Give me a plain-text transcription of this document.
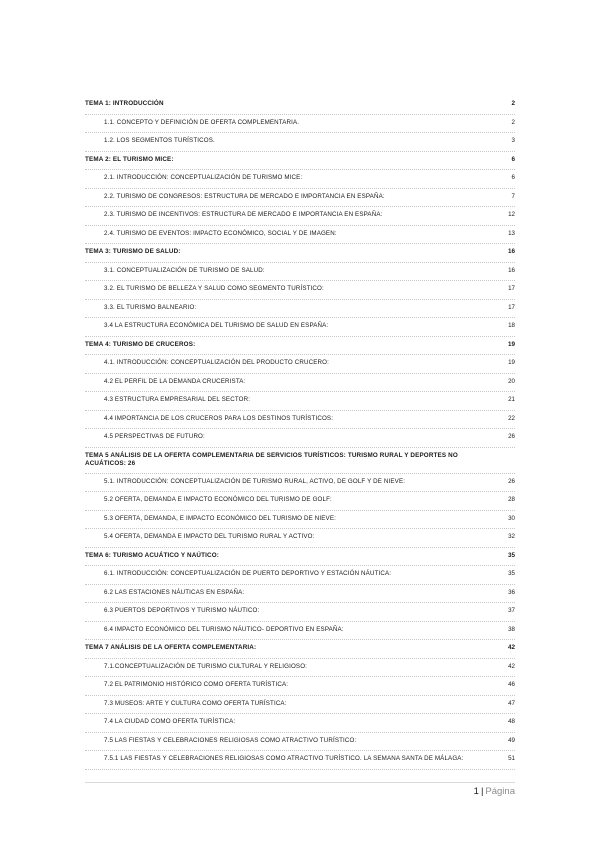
TEMA 1: INTRODUCCIÓN	2
1.1. CONCEPTO Y DEFINICIÓN DE OFERTA COMPLEMENTARIA.	2
1.2. LOS SEGMENTOS TURÍSTICOS.	3
TEMA 2: EL TURISMO MICE:	6
2.1. INTRODUCCIÓN: CONCEPTUALIZACIÓN DE TURISMO MICE:	6
2.2. TURISMO DE CONGRESOS: ESTRUCTURA DE MERCADO E IMPORTANCIA EN ESPAÑA:	7
2.3. TURISMO DE INCENTIVOS: ESTRUCTURA DE MERCADO E IMPORTANCIA EN ESPAÑA:	12
2.4. TURISMO DE EVENTOS: IMPACTO ECONÓMICO, SOCIAL Y DE IMAGEN:	13
TEMA 3: TURISMO DE SALUD:	16
3.1. CONCEPTUALIZACIÓN DE TURISMO DE SALUD:	16
3.2. EL TURISMO DE BELLEZA Y SALUD COMO SEGMENTO TURÍSTICO:	17
3.3. EL TURISMO BALNEARIO:	17
3.4 LA ESTRUCTURA ECONÓMICA DEL TURISMO DE SALUD EN ESPAÑA:	18
TEMA 4: TURISMO DE CRUCEROS:	19
4.1. INTRODUCCIÓN: CONCEPTUALIZACIÓN DEL PRODUCTO CRUCERO:	19
4.2 EL PERFIL DE LA DEMANDA CRUCERISTA:	20
4.3 ESTRUCTURA EMPRESARIAL DEL SECTOR:	21
4.4 IMPORTANCIA DE LOS CRUCEROS PARA LOS DESTINOS TURÍSTICOS:	22
4.5 PERSPECTIVAS DE FUTURO:	26
TEMA 5 ANÁLISIS DE LA OFERTA COMPLEMENTARIA DE SERVICIOS TURÍSTICOS: TURISMO RURAL Y DEPORTES NO ACUÁTICOS: 26
5.1. INTRODUCCIÓN: CONCEPTUALIZACIÓN DE TURISMO RURAL, ACTIVO, DE GOLF Y DE NIEVE:	26
5.2 OFERTA, DEMANDA E IMPACTO ECONÓMICO DEL TURISMO DE GOLF:	28
5.3 OFERTA, DEMANDA, E IMPACTO ECONÓMICO DEL TURISMO DE NIEVE:	30
5.4 OFERTA, DEMANDA E IMPACTO DEL TURISMO RURAL Y ACTIVO:	32
TEMA 6: TURISMO ACUÁTICO Y NAÚTICO:	35
6.1. INTRODUCCIÓN: CONCEPTUALIZACIÓN DE PUERTO DEPORTIVO Y ESTACIÓN NÁUTICA:	35
6.2 LAS ESTACIONES NÁUTICAS EN ESPAÑA:	36
6.3 PUERTOS DEPORTIVOS Y TURISMO NÁUTICO:	37
6.4 IMPACTO ECONÓMICO DEL TURISMO NÁUTICO- DEPORTIVO EN ESPAÑA:	38
TEMA 7 ANÁLISIS DE LA OFERTA COMPLEMENTARIA:	42
7.1.CONCEPTUALIZACIÓN DE TURISMO CULTURAL Y RELIGIOSO:	42
7.2 EL PATRIMONIO HISTÓRICO COMO OFERTA TURÍSTICA:	46
7.3 MUSEOS: ARTE Y CULTURA COMO OFERTA TURÍSTICA:	47
7.4 LA CIUDAD COMO OFERTA TURÍSTICA:	48
7.5 LAS FIESTAS Y CELEBRACIONES RELIGIOSAS COMO ATRACTIVO TURÍSTICO:	49
7.5.1 LAS FIESTAS Y CELEBRACIONES RELIGIOSAS COMO ATRACTIVO TURÍSTICO. LA SEMANA SANTA DE MÁLAGA:	51
1 | Página
